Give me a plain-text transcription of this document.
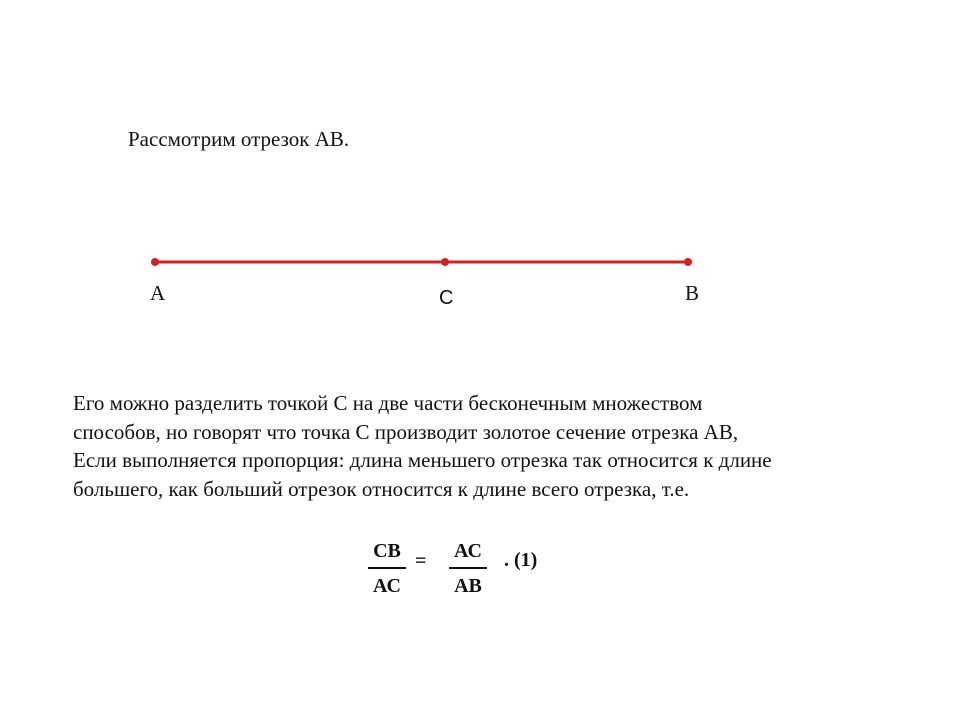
Рассмотрим отрезок АВ.
А	С	В
Его можно разделить точкой С на две части бесконечным множеством
способов, но говорят что точка С производит золотое сечение отрезка АВ,
Если выполняется пропорция: длина меньшего отрезка так относится к длине
большего, как больший отрезок относится к длине всего отрезка, т.е.
СВ
АС
= АС
АВ
. (1)
